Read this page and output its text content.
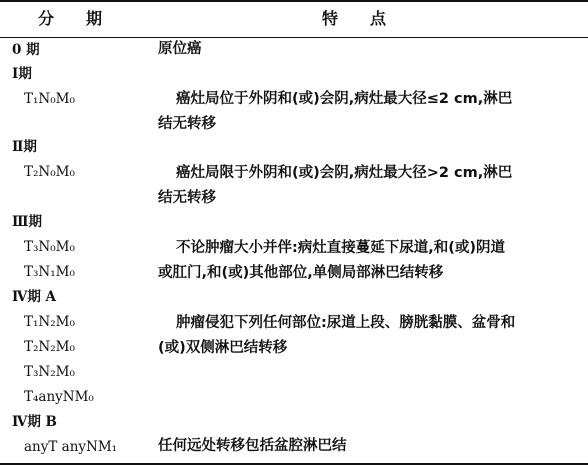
分　　期	特　　点
0 期
Ⅰ期
T₁N₀M₀
Ⅱ期
T₂N₀M₀
Ⅲ期
T₃N₀M₀
T₃N₁M₀
Ⅳ期 A
T₁N₂M₀
T₂N₂M₀
T₃N₂M₀
T₄anyNM₀
Ⅳ期 B
anyT anyNM₁
原位癌
癌灶局位于外阴和(或)会阴,病灶最大径≤2 cm,淋巴
结无转移
癌灶局限于外阴和(或)会阴,病灶最大径>2 cm,淋巴
结无转移
不论肿瘤大小并伴:病灶直接蔓延下尿道,和(或)阴道
或肛门,和(或)其他部位,单侧局部淋巴结转移
肿瘤侵犯下列任何部位:尿道上段、膀胱黏膜、盆骨和
(或)双侧淋巴结转移
任何远处转移包括盆腔淋巴结
